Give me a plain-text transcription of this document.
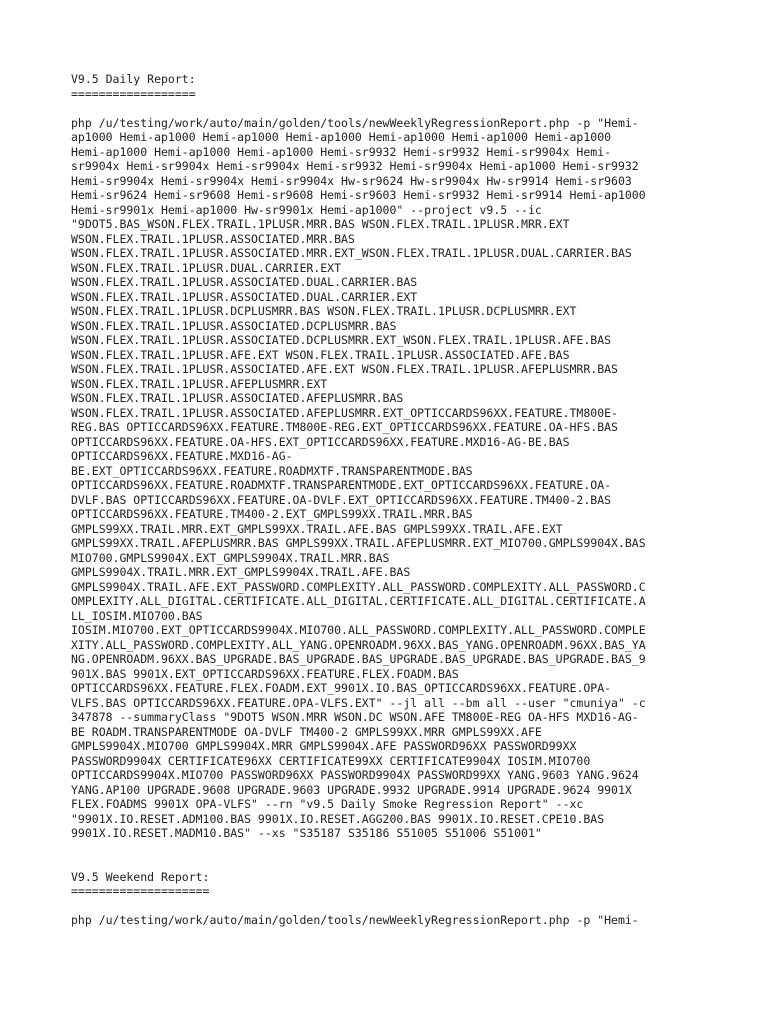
V9.5 Daily Report:
==================

php /u/testing/work/auto/main/golden/tools/newWeeklyRegressionReport.php -p "Hemi-
ap1000 Hemi-ap1000 Hemi-ap1000 Hemi-ap1000 Hemi-ap1000 Hemi-ap1000 Hemi-ap1000
Hemi-ap1000 Hemi-ap1000 Hemi-ap1000 Hemi-sr9932 Hemi-sr9932 Hemi-sr9904x Hemi-
sr9904x Hemi-sr9904x Hemi-sr9904x Hemi-sr9932 Hemi-sr9904x Hemi-ap1000 Hemi-sr9932
Hemi-sr9904x Hemi-sr9904x Hemi-sr9904x Hw-sr9624 Hw-sr9904x Hw-sr9914 Hemi-sr9603
Hemi-sr9624 Hemi-sr9608 Hemi-sr9608 Hemi-sr9603 Hemi-sr9932 Hemi-sr9914 Hemi-ap1000
Hemi-sr9901x Hemi-ap1000 Hw-sr9901x Hemi-ap1000" --project v9.5 --ic
"9DOT5.BAS_WSON.FLEX.TRAIL.1PLUSR.MRR.BAS WSON.FLEX.TRAIL.1PLUSR.MRR.EXT
WSON.FLEX.TRAIL.1PLUSR.ASSOCIATED.MRR.BAS
WSON.FLEX.TRAIL.1PLUSR.ASSOCIATED.MRR.EXT_WSON.FLEX.TRAIL.1PLUSR.DUAL.CARRIER.BAS
WSON.FLEX.TRAIL.1PLUSR.DUAL.CARRIER.EXT
WSON.FLEX.TRAIL.1PLUSR.ASSOCIATED.DUAL.CARRIER.BAS
WSON.FLEX.TRAIL.1PLUSR.ASSOCIATED.DUAL.CARRIER.EXT
WSON.FLEX.TRAIL.1PLUSR.DCPLUSMRR.BAS WSON.FLEX.TRAIL.1PLUSR.DCPLUSMRR.EXT
WSON.FLEX.TRAIL.1PLUSR.ASSOCIATED.DCPLUSMRR.BAS
WSON.FLEX.TRAIL.1PLUSR.ASSOCIATED.DCPLUSMRR.EXT_WSON.FLEX.TRAIL.1PLUSR.AFE.BAS
WSON.FLEX.TRAIL.1PLUSR.AFE.EXT WSON.FLEX.TRAIL.1PLUSR.ASSOCIATED.AFE.BAS
WSON.FLEX.TRAIL.1PLUSR.ASSOCIATED.AFE.EXT WSON.FLEX.TRAIL.1PLUSR.AFEPLUSMRR.BAS
WSON.FLEX.TRAIL.1PLUSR.AFEPLUSMRR.EXT
WSON.FLEX.TRAIL.1PLUSR.ASSOCIATED.AFEPLUSMRR.BAS
WSON.FLEX.TRAIL.1PLUSR.ASSOCIATED.AFEPLUSMRR.EXT_OPTICCARDS96XX.FEATURE.TM800E-
REG.BAS OPTICCARDS96XX.FEATURE.TM800E-REG.EXT_OPTICCARDS96XX.FEATURE.OA-HFS.BAS
OPTICCARDS96XX.FEATURE.OA-HFS.EXT_OPTICCARDS96XX.FEATURE.MXD16-AG-BE.BAS
OPTICCARDS96XX.FEATURE.MXD16-AG-
BE.EXT_OPTICCARDS96XX.FEATURE.ROADMXTF.TRANSPARENTMODE.BAS
OPTICCARDS96XX.FEATURE.ROADMXTF.TRANSPARENTMODE.EXT_OPTICCARDS96XX.FEATURE.OA-
DVLF.BAS OPTICCARDS96XX.FEATURE.OA-DVLF.EXT_OPTICCARDS96XX.FEATURE.TM400-2.BAS
OPTICCARDS96XX.FEATURE.TM400-2.EXT_GMPLS99XX.TRAIL.MRR.BAS
GMPLS99XX.TRAIL.MRR.EXT_GMPLS99XX.TRAIL.AFE.BAS GMPLS99XX.TRAIL.AFE.EXT
GMPLS99XX.TRAIL.AFEPLUSMRR.BAS GMPLS99XX.TRAIL.AFEPLUSMRR.EXT_MIO700.GMPLS9904X.BAS
MIO700.GMPLS9904X.EXT_GMPLS9904X.TRAIL.MRR.BAS
GMPLS9904X.TRAIL.MRR.EXT_GMPLS9904X.TRAIL.AFE.BAS
GMPLS9904X.TRAIL.AFE.EXT_PASSWORD.COMPLEXITY.ALL_PASSWORD.COMPLEXITY.ALL_PASSWORD.C
OMPLEXITY.ALL_DIGITAL.CERTIFICATE.ALL_DIGITAL.CERTIFICATE.ALL_DIGITAL.CERTIFICATE.A
LL_IOSIM.MIO700.BAS
IOSIM.MIO700.EXT_OPTICCARDS9904X.MIO700.ALL_PASSWORD.COMPLEXITY.ALL_PASSWORD.COMPLE
XITY.ALL_PASSWORD.COMPLEXITY.ALL_YANG.OPENROADM.96XX.BAS_YANG.OPENROADM.96XX.BAS_YA
NG.OPENROADM.96XX.BAS_UPGRADE.BAS_UPGRADE.BAS_UPGRADE.BAS_UPGRADE.BAS_UPGRADE.BAS_9
901X.BAS 9901X.EXT_OPTICCARDS96XX.FEATURE.FLEX.FOADM.BAS
OPTICCARDS96XX.FEATURE.FLEX.FOADM.EXT_9901X.IO.BAS_OPTICCARDS96XX.FEATURE.OPA-
VLFS.BAS OPTICCARDS96XX.FEATURE.OPA-VLFS.EXT" --jl all --bm all --user "cmuniya" -c
347878 --summaryClass "9DOT5 WSON.MRR WSON.DC WSON.AFE TM800E-REG OA-HFS MXD16-AG-
BE ROADM.TRANSPARENTMODE OA-DVLF TM400-2 GMPLS99XX.MRR GMPLS99XX.AFE
GMPLS9904X.MIO700 GMPLS9904X.MRR GMPLS9904X.AFE PASSWORD96XX PASSWORD99XX
PASSWORD9904X CERTIFICATE96XX CERTIFICATE99XX CERTIFICATE9904X IOSIM.MIO700
OPTICCARDS9904X.MIO700 PASSWORD96XX PASSWORD9904X PASSWORD99XX YANG.9603 YANG.9624
YANG.AP100 UPGRADE.9608 UPGRADE.9603 UPGRADE.9932 UPGRADE.9914 UPGRADE.9624 9901X
FLEX.FOADMS 9901X OPA-VLFS" --rn "v9.5 Daily Smoke Regression Report" --xc
"9901X.IO.RESET.ADM100.BAS 9901X.IO.RESET.AGG200.BAS 9901X.IO.RESET.CPE10.BAS
9901X.IO.RESET.MADM10.BAS" --xs "S35187 S35186 S51005 S51006 S51001"

V9.5 Weekend Report:
====================

php /u/testing/work/auto/main/golden/tools/newWeeklyRegressionReport.php -p "Hemi-
